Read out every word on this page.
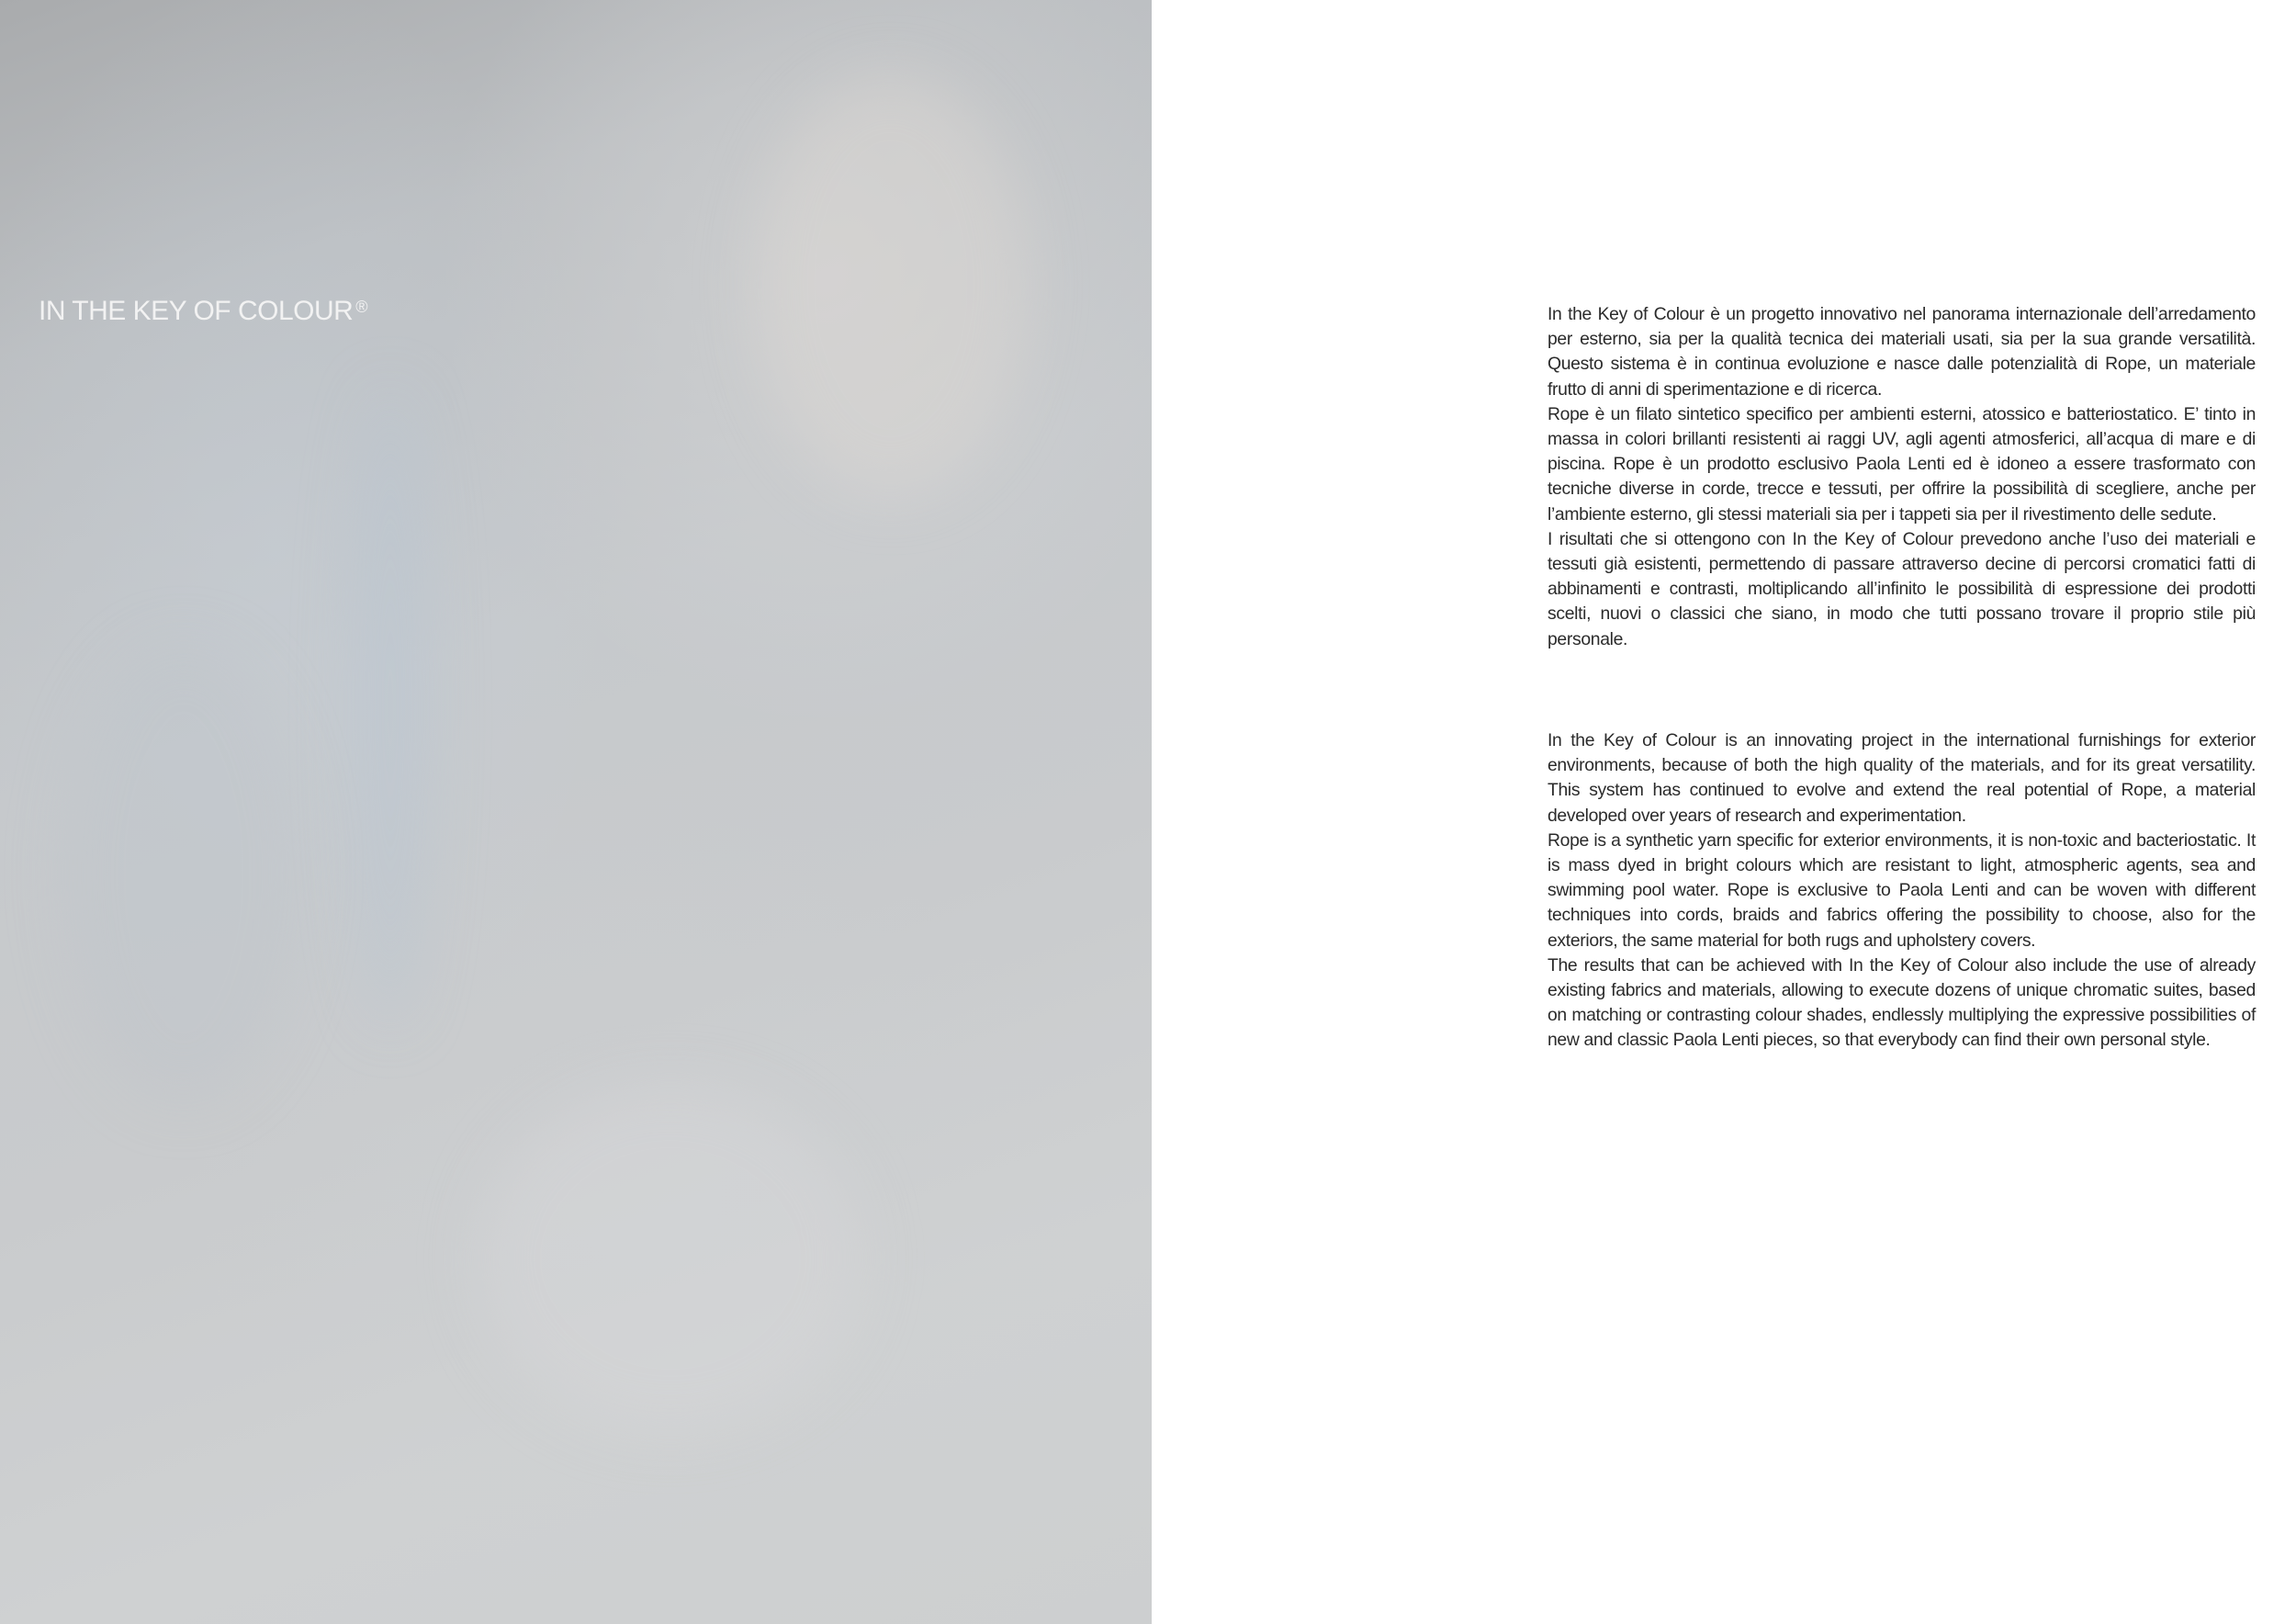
IN THE KEY OF COLOUR ®	In the Key of Colour è un progetto innovativo nel panorama internazionale dell’arredamento per esterno, sia per la qualità tecnica dei materiali usati, sia per la sua grande versatilità. Questo sistema è in continua evoluzione e nasce dalle potenzialità di Rope, un materiale frutto di anni di sperimentazione e di ricerca.

Rope è un filato sintetico specifico per ambienti esterni, atossico e batteriostatico. E’ tinto in massa in colori brillanti resistenti ai raggi UV, agli agenti atmosferici, all’acqua di mare e di piscina. Rope è un prodotto esclusivo Paola Lenti ed è idoneo a essere trasformato con tecniche diverse in corde, trecce e tessuti, per offrire la possibilità di scegliere, anche per l’ambiente esterno, gli stessi materiali sia per i tappeti sia per il rivestimento delle sedute.

I risultati che si ottengono con In the Key of Colour prevedono anche l’uso dei materiali e tessuti già esistenti, permettendo di passare attraverso decine di percorsi cromatici fatti di abbinamenti e contrasti, moltiplicando all’infinito le possibilità di espressione dei prodotti scelti, nuovi o classici che siano, in modo che tutti possano trovare il proprio stile più personale.

In the Key of Colour is an innovating project in the international furnishings for exterior environments, because of both the high quality of the materials, and for its great versatility. This system has continued to evolve and extend the real potential of Rope, a material developed over years of research and experimentation.

Rope is a synthetic yarn specific for exterior environments, it is non-toxic and bacteriostatic. It is mass dyed in bright colours which are resistant to light, atmospheric agents, sea and swimming pool water. Rope is exclusive to Paola Lenti and can be woven with different techniques into cords, braids and fabrics offering the possibility to choose, also for the exteriors, the same material for both rugs and upholstery covers.

The results that can be achieved with In the Key of Colour also include the use of already existing fabrics and materials, allowing to execute dozens of unique chromatic suites, based on matching or contrasting colour shades, endlessly multiplying the expressive possibilities of new and classic Paola Lenti pieces, so that everybody can find their own personal style.
